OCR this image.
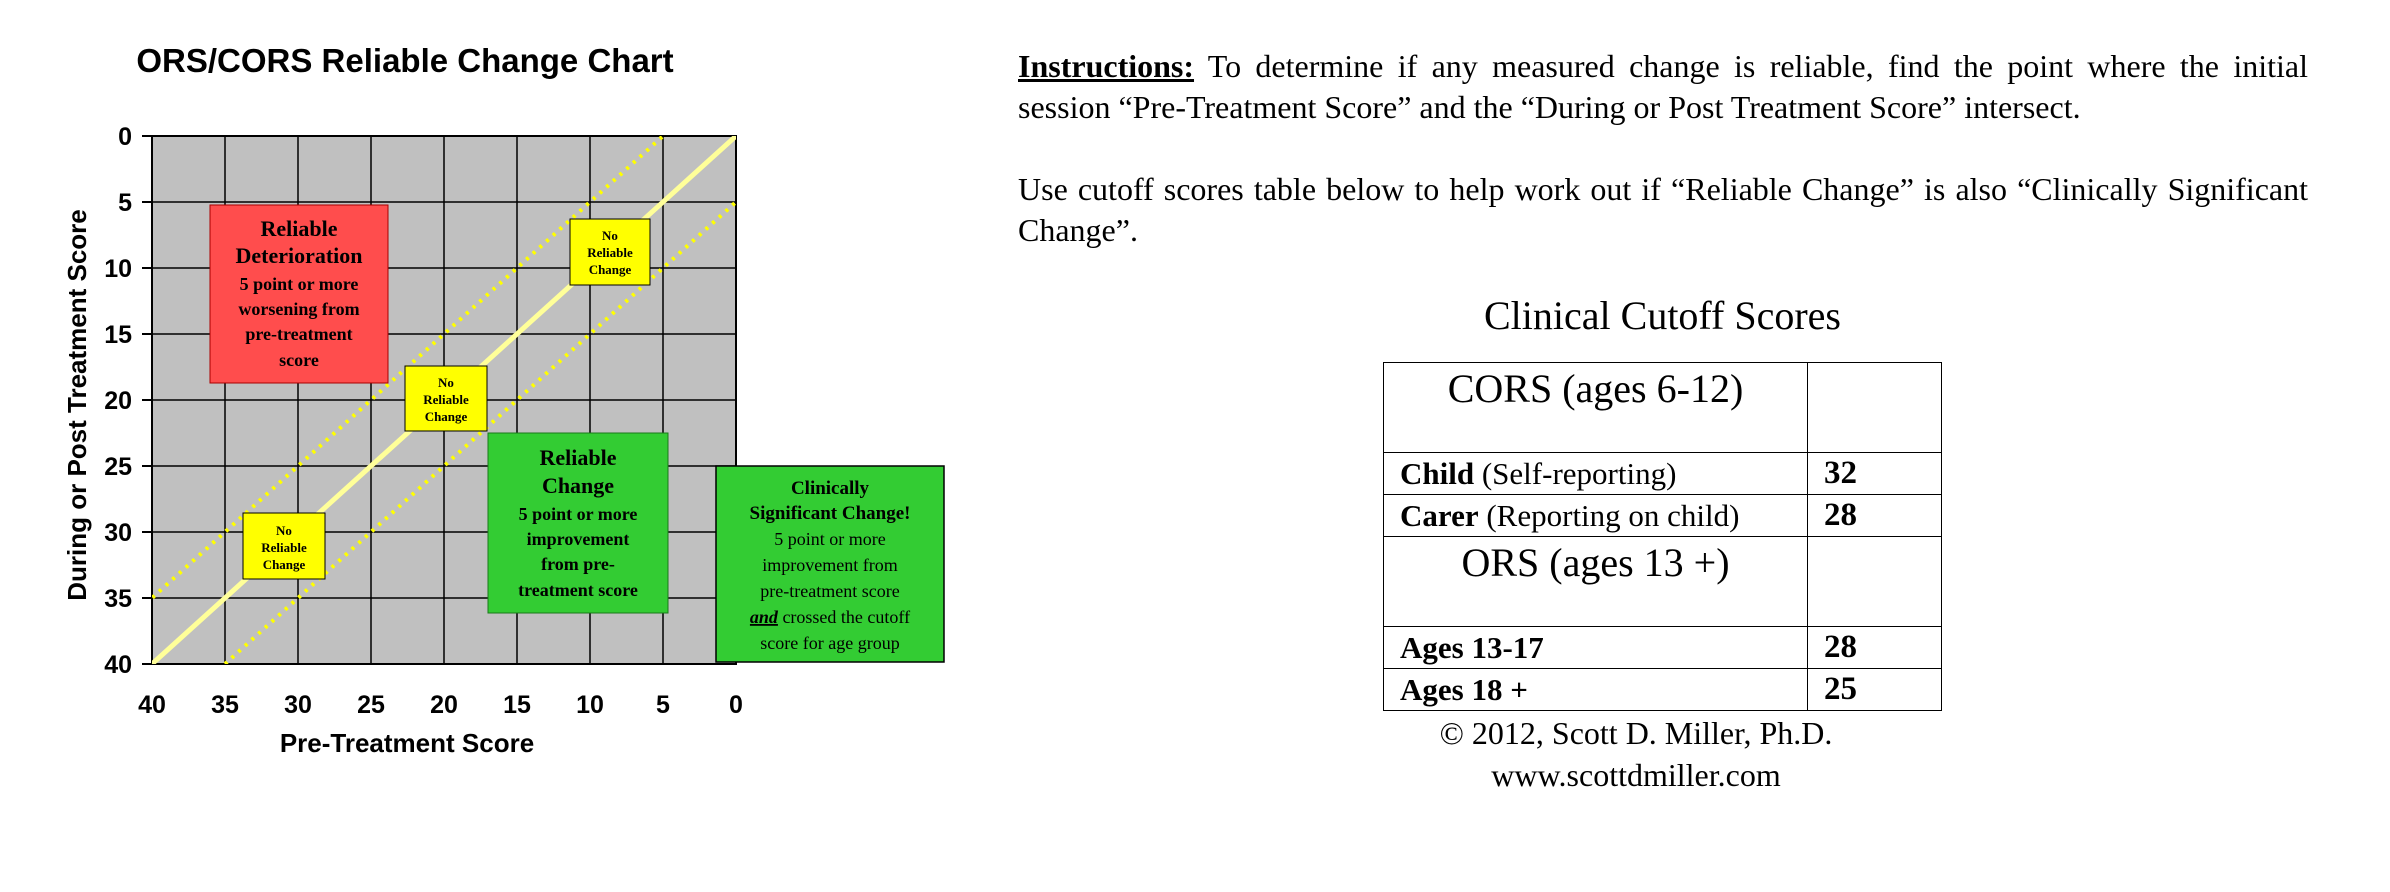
ORS/CORS Reliable Change Chart
40 35 30 25 20 15 10 5 0
0
5
10
15
20
25
30
35
40
Pre-Treatment Score
During or Post Treatment Score	Reliable
Deterioration
5 point or more
worsening from
pre-treatment
score
No
Reliable
Change
No
Reliable
Change
No
Reliable
Change
Reliable
Change
5 point or more
improvement
from pre-
treatment score
Clinically
Significant Change!
5 point or more
improvement from
pre-treatment score
and crossed the cutoff
score for age group

Instructions: To determine if any measured change is reliable, find the point where the initial session “Pre-Treatment Score” and the “During or Post Treatment Score” intersect.

Use cutoff scores table below to help work out if “Reliable Change” is also “Clinically Significant Change”.

Clinical Cutoff Scores
CORS (ages 6-12)	

Child (Self-reporting)	32
Carer (Reporting on child)	28

ORS (ages 13 +)	

Ages 13-17	28
Ages 18 +	25
© 2012, Scott D. Miller, Ph.D.
www.scottdmiller.com
